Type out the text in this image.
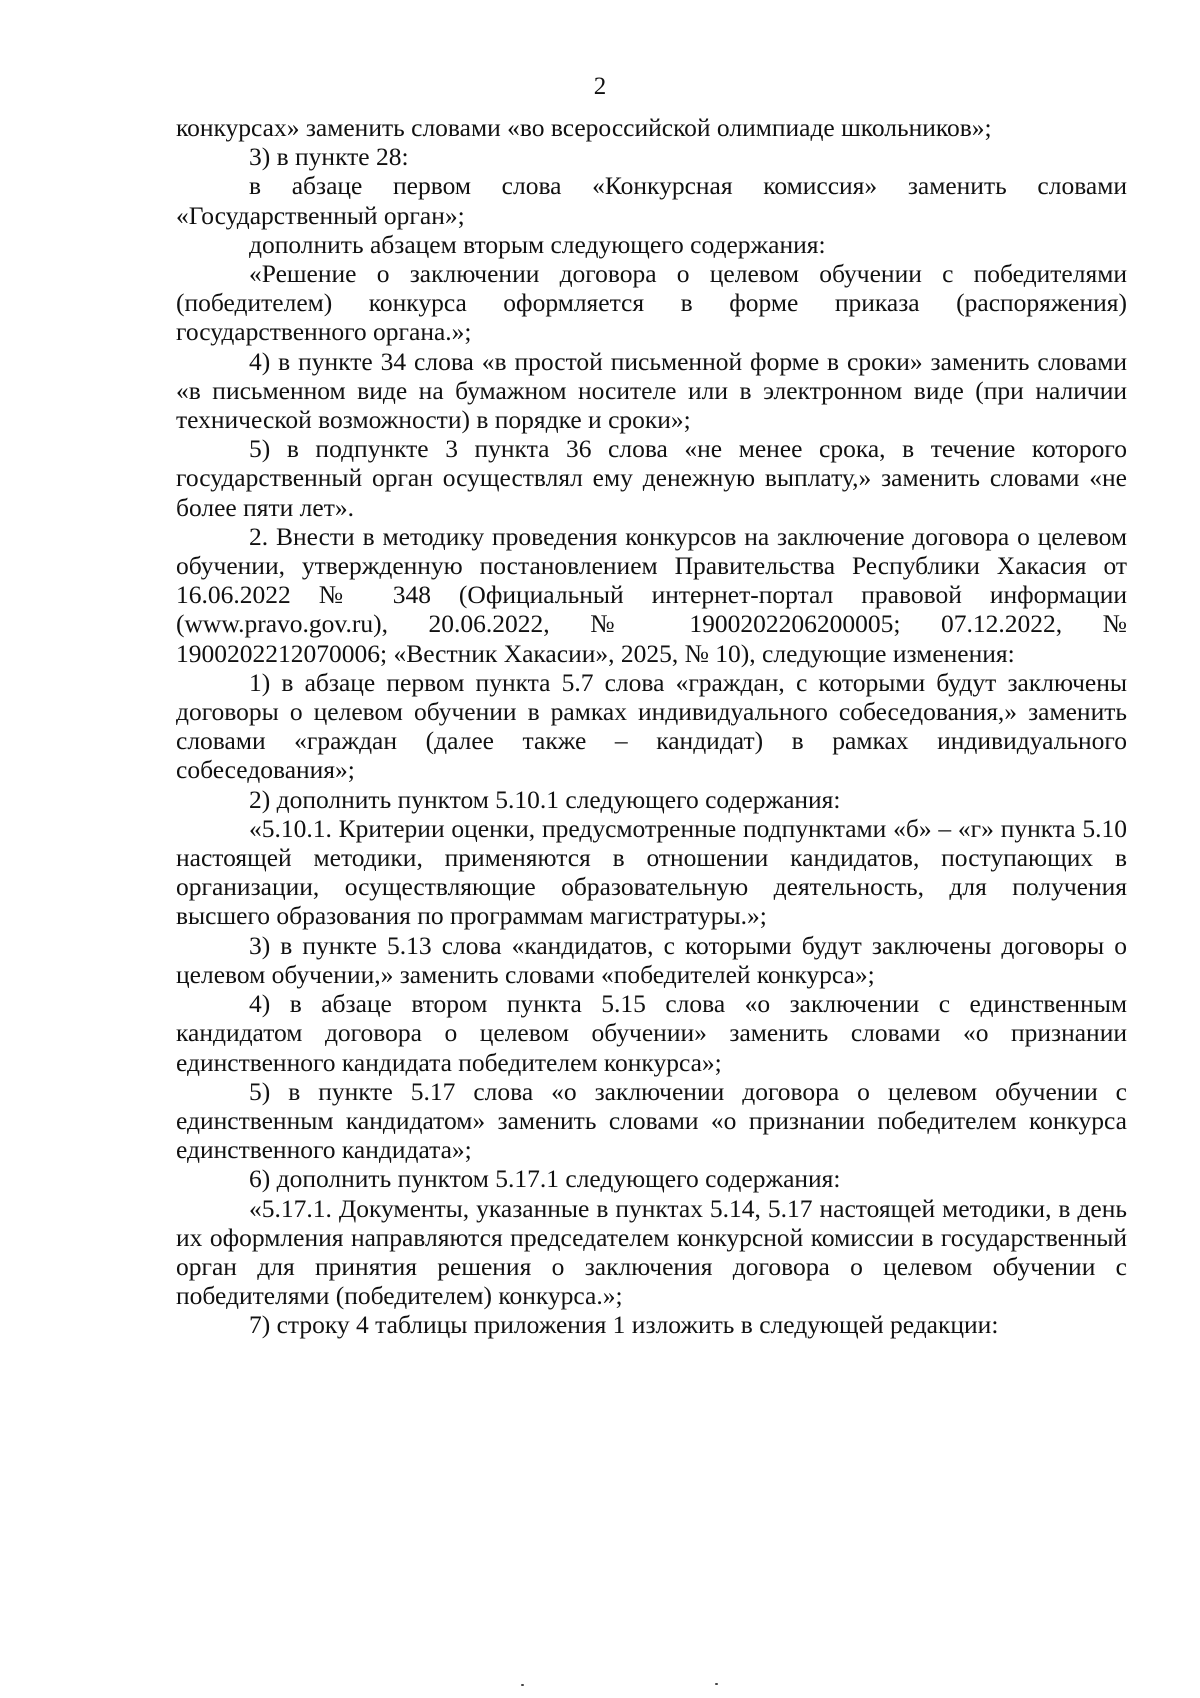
2

конкурсах» заменить словами «во всероссийской олимпиаде школьников»;

3) в пункте 28:

в абзаце первом слова «Конкурсная комиссия» заменить словами «Государственный орган»;

дополнить абзацем вторым следующего содержания:

«Решение о заключении договора о целевом обучении с победителями (победителем) конкурса оформляется в форме приказа (распоряжения) государственного органа.»;

4) в пункте 34 слова «в простой письменной форме в сроки» заменить словами «в письменном виде на бумажном носителе или в электронном виде (при наличии технической возможности) в порядке и сроки»;

5) в подпункте 3 пункта 36 слова «не менее срока, в течение которого государственный орган осуществлял ему денежную выплату,» заменить словами «не более пяти лет».

2. Внести в методику проведения конкурсов на заключение договора о целевом обучении, утвержденную постановлением Правительства Республики Хакасия от 16.06.2022 № 348 (Официальный интернет-портал правовой информации (www.pravo.gov.ru), 20.06.2022, № 1900202206200005; 07.12.2022, № 1900202212070006; «Вестник Хакасии», 2025, № 10), следующие изменения:

1) в абзаце первом пункта 5.7 слова «граждан, с которыми будут заключены договоры о целевом обучении в рамках индивидуального собеседования,» заменить словами «граждан (далее также – кандидат) в рамках индивидуального собеседования»;

2) дополнить пунктом 5.10.1 следующего содержания:

«5.10.1. Критерии оценки, предусмотренные подпунктами «б» – «г» пункта 5.10 настоящей методики, применяются в отношении кандидатов, поступающих в организации, осуществляющие образовательную деятельность, для получения высшего образования по программам магистратуры.»;

3) в пункте 5.13 слова «кандидатов, с которыми будут заключены договоры о целевом обучении,» заменить словами «победителей конкурса»;

4) в абзаце втором пункта 5.15 слова «о заключении с единственным кандидатом договора о целевом обучении» заменить словами «о признании единственного кандидата победителем конкурса»;

5) в пункте 5.17 слова «о заключении договора о целевом обучении с единственным кандидатом» заменить словами «о признании победителем конкурса единственного кандидата»;

6) дополнить пунктом 5.17.1 следующего содержания:

«5.17.1. Документы, указанные в пунктах 5.14, 5.17 настоящей методики, в день их оформления направляются председателем конкурсной комиссии в государственный орган для принятия решения о заключения договора о целевом обучении с победителями (победителем) конкурса.»;

7) строку 4 таблицы приложения 1 изложить в следующей редакции:
